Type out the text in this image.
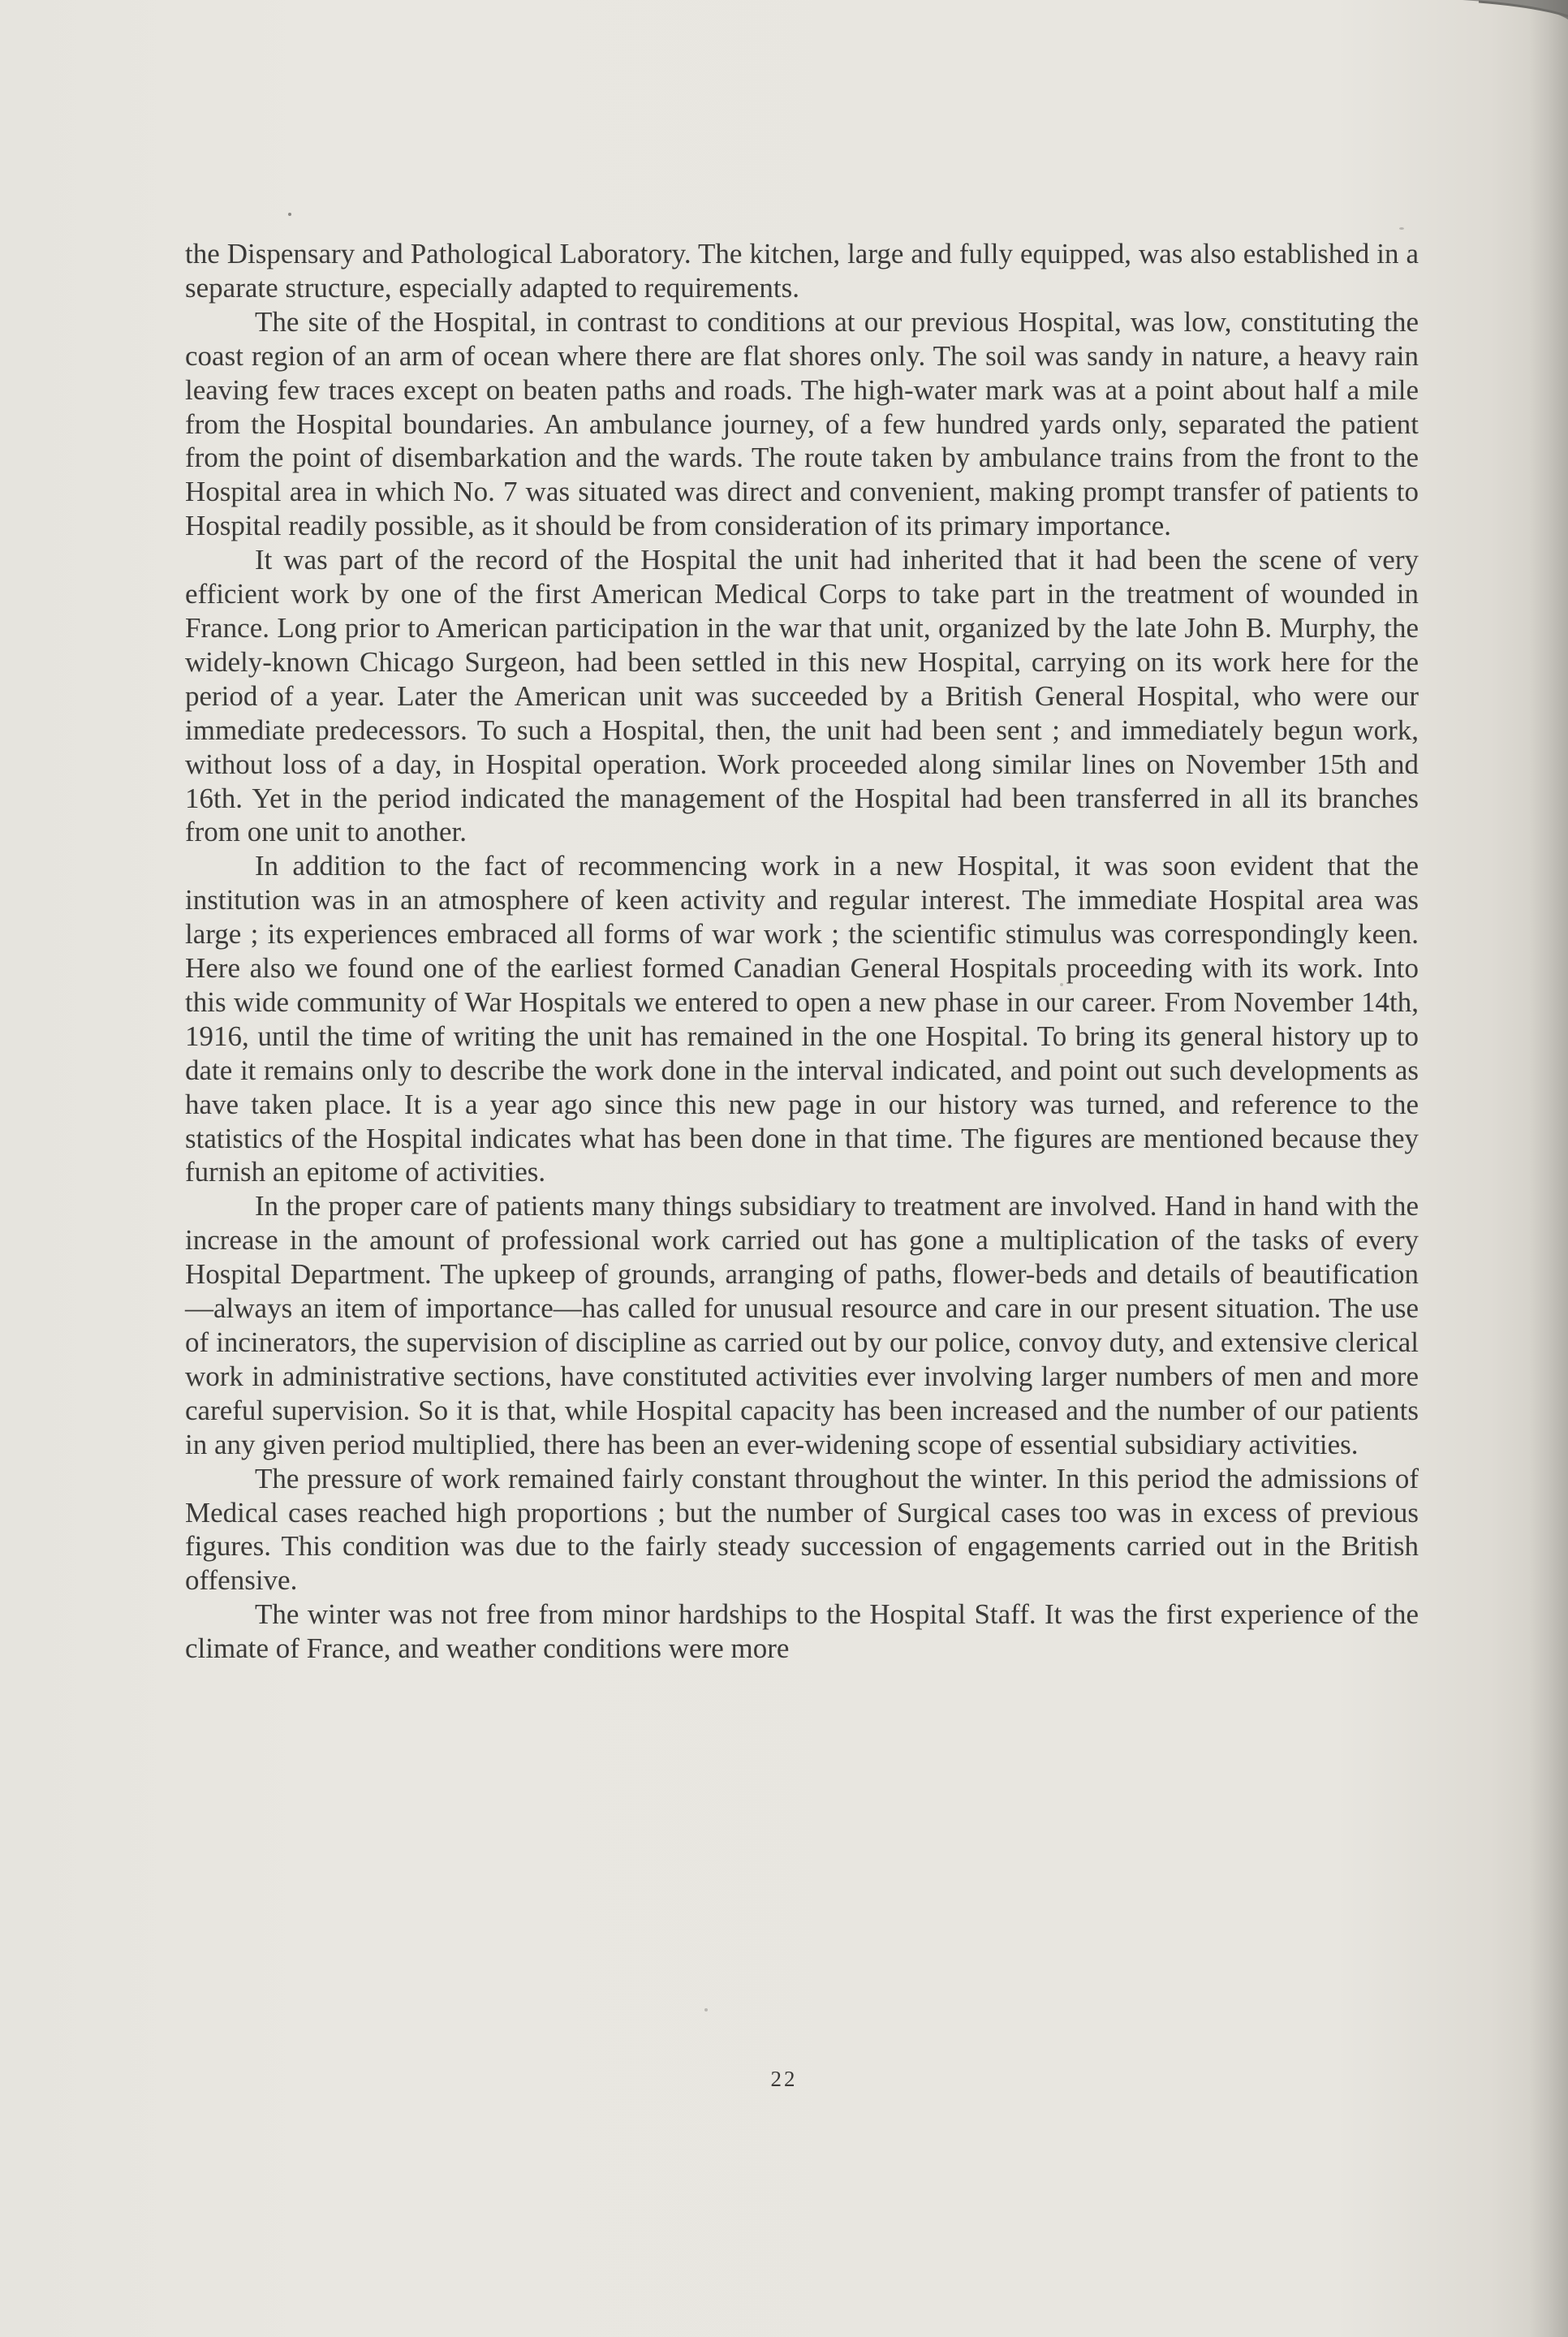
the Dispensary and Pathological Laboratory. The kitchen, large and fully equipped, was also established in a separate structure, especially adapted to requirements.

The site of the Hospital, in contrast to conditions at our previous Hospital, was low, constituting the coast region of an arm of ocean where there are flat shores only. The soil was sandy in nature, a heavy rain leaving few traces except on beaten paths and roads. The high-water mark was at a point about half a mile from the Hospital boundaries. An ambulance journey, of a few hundred yards only, separated the patient from the point of disembarkation and the wards. The route taken by ambulance trains from the front to the Hospital area in which No. 7 was situated was direct and convenient, making prompt transfer of patients to Hospital readily possible, as it should be from consideration of its primary importance.

It was part of the record of the Hospital the unit had inherited that it had been the scene of very efficient work by one of the first American Medical Corps to take part in the treatment of wounded in France. Long prior to American participation in the war that unit, organized by the late John B. Murphy, the widely-known Chicago Surgeon, had been settled in this new Hospital, carrying on its work here for the period of a year. Later the American unit was succeeded by a British General Hospital, who were our immediate predecessors. To such a Hospital, then, the unit had been sent ; and immediately begun work, without loss of a day, in Hospital operation. Work proceeded along similar lines on November 15th and 16th. Yet in the period indicated the management of the Hospital had been transferred in all its branches from one unit to another.

In addition to the fact of recommencing work in a new Hospital, it was soon evident that the institution was in an atmosphere of keen activity and regular interest. The immediate Hospital area was large ; its experiences embraced all forms of war work ; the scientific stimulus was correspondingly keen. Here also we found one of the earliest formed Canadian General Hospitals proceeding with its work. Into this wide community of War Hospitals we entered to open a new phase in our career. From November 14th, 1916, until the time of writing the unit has remained in the one Hospital. To bring its general history up to date it remains only to describe the work done in the interval indicated, and point out such developments as have taken place. It is a year ago since this new page in our history was turned, and reference to the statistics of the Hospital indicates what has been done in that time. The figures are mentioned because they furnish an epitome of activities.

In the proper care of patients many things subsidiary to treatment are involved. Hand in hand with the increase in the amount of professional work carried out has gone a multiplication of the tasks of every Hospital Department. The upkeep of grounds, arranging of paths, flower-beds and details of beautification—always an item of importance—has called for unusual resource and care in our present situation. The use of incinerators, the supervision of discipline as carried out by our police, convoy duty, and extensive clerical work in administrative sections, have constituted activities ever involving larger numbers of men and more careful supervision. So it is that, while Hospital capacity has been increased and the number of our patients in any given period multiplied, there has been an ever-widening scope of essential subsidiary activities.

The pressure of work remained fairly constant throughout the winter. In this period the admissions of Medical cases reached high proportions ; but the number of Surgical cases too was in excess of previous figures. This condition was due to the fairly steady succession of engagements carried out in the British offensive.

The winter was not free from minor hardships to the Hospital Staff. It was the first experience of the climate of France, and weather conditions were more

22
